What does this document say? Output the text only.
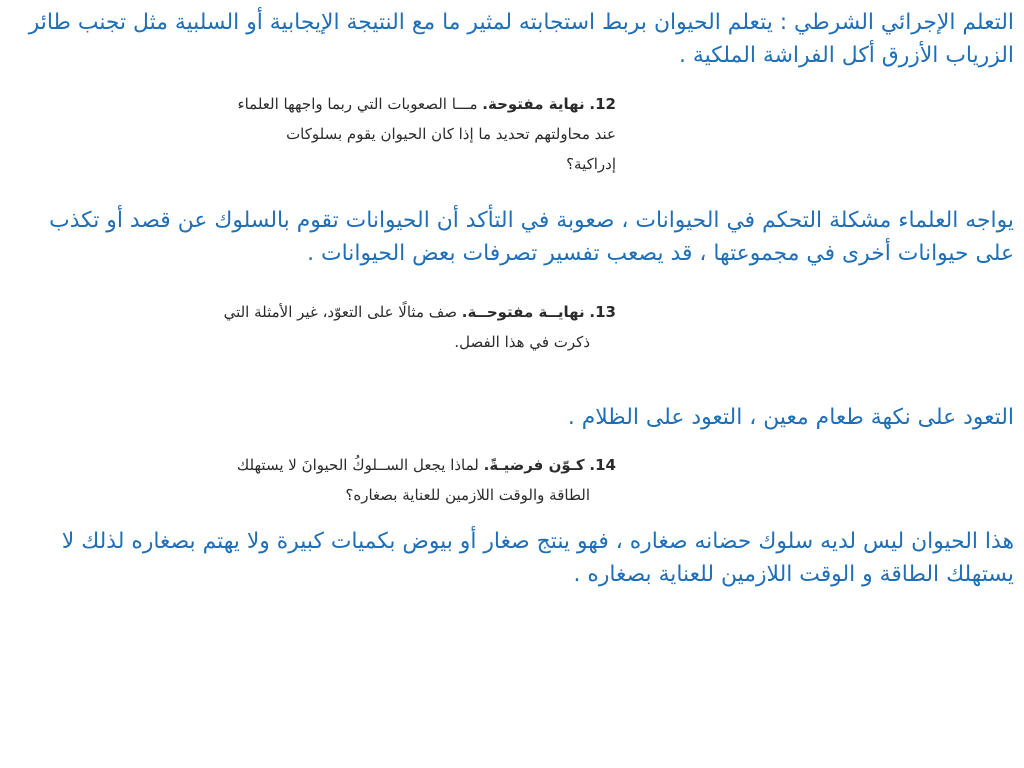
التعلم الإجرائي الشرطي : يتعلم الحيوان بربط استجابته لمثير ما مع النتيجة الإيجابية أو السلبية مثل تجنب طائر
الزرياب الأزرق أكل الفراشة الملكية .
12. نهاية مفتوحة. مـــا الصعوبات التي ربما واجهها العلماء
عند محاولتهم تحديد ما إذا كان الحيوان يقوم بسلوكات
إدراكية؟
يواجه العلماء مشكلة التحكم في الحيوانات ، صعوبة في التأكد أن الحيوانات تقوم بالسلوك عن قصد أو تكذب
على حيوانات أخرى في مجموعتها ، قد يصعب تفسير تصرفات بعض الحيوانات .
13. نهايــة مفتوحــة. صف مثالًا على التعوّد، غير الأمثلة التي
ذكرت في هذا الفصل.
التعود على نكهة طعام معين ، التعود على الظلام .
14. كـوّن فرضيـةً. لماذا يجعل الســلوكُ الحيوانَ لا يستهلك
الطاقة والوقت اللازمين للعناية بصغاره؟
هذا الحيوان ليس لديه سلوك حضانه صغاره ، فهو ينتج صغار أو بيوض بكميات كبيرة ولا يهتم بصغاره لذلك لا
يستهلك الطاقة و الوقت اللازمين للعناية بصغاره .
